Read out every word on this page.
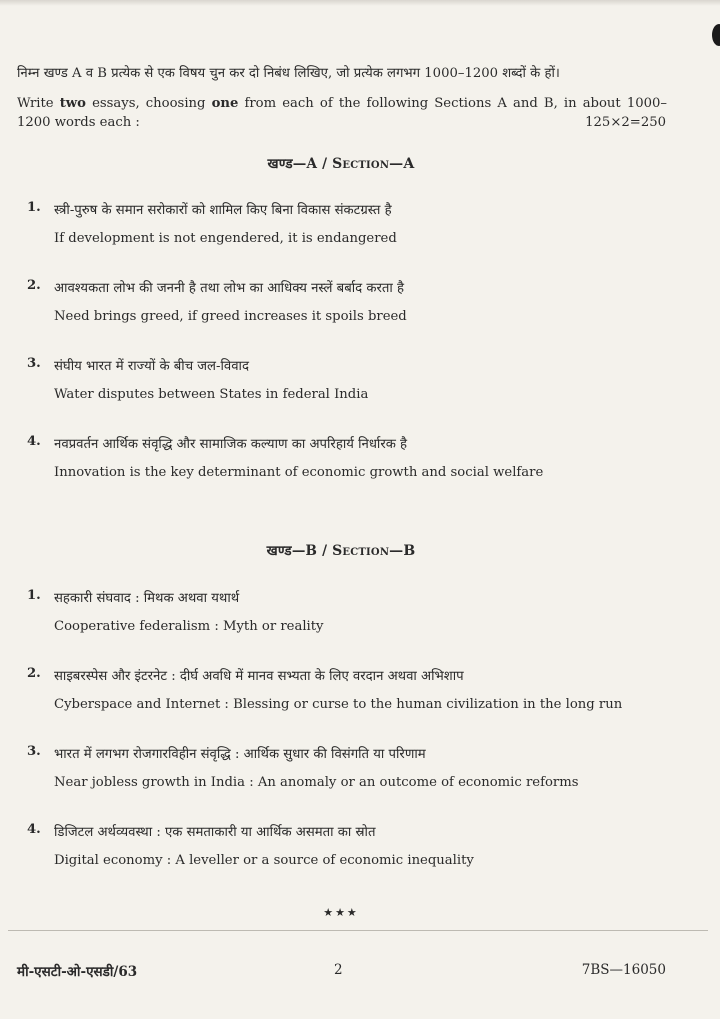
निम्न खण्ड A व B प्रत्येक से एक विषय चुन कर दो निबंध लिखिए, जो प्रत्येक लगभग 1000–1200 शब्दों के हों।
Write two essays, choosing one from each of the following Sections A and B, in about 1000–1200 words each :	125×2=250
खण्ड—A / Section—A
1. स्त्री-पुरुष के समान सरोकारों को शामिल किए बिना विकास संकटग्रस्त है
If development is not engendered, it is endangered
2. आवश्यकता लोभ की जननी है तथा लोभ का आधिक्य नस्लें बर्बाद करता है
Need brings greed, if greed increases it spoils breed
3. संघीय भारत में राज्यों के बीच जल-विवाद
Water disputes between States in federal India
4. नवप्रवर्तन आर्थिक संवृद्धि और सामाजिक कल्याण का अपरिहार्य निर्धारक है
Innovation is the key determinant of economic growth and social welfare
खण्ड—B / Section—B
1. सहकारी संघवाद : मिथक अथवा यथार्थ
Cooperative federalism : Myth or reality
2. साइबरस्पेस और इंटरनेट : दीर्घ अवधि में मानव सभ्यता के लिए वरदान अथवा अभिशाप
Cyberspace and Internet : Blessing or curse to the human civilization in the long run
3. भारत में लगभग रोजगारविहीन संवृद्धि : आर्थिक सुधार की विसंगति या परिणाम
Near jobless growth in India : An anomaly or an outcome of economic reforms
4. डिजिटल अर्थव्यवस्था : एक समताकारी या आर्थिक असमता का स्रोत
Digital economy : A leveller or a source of economic inequality
★★★
मी-एसटी-ओ-एसडी/63	2	7BS—16050
